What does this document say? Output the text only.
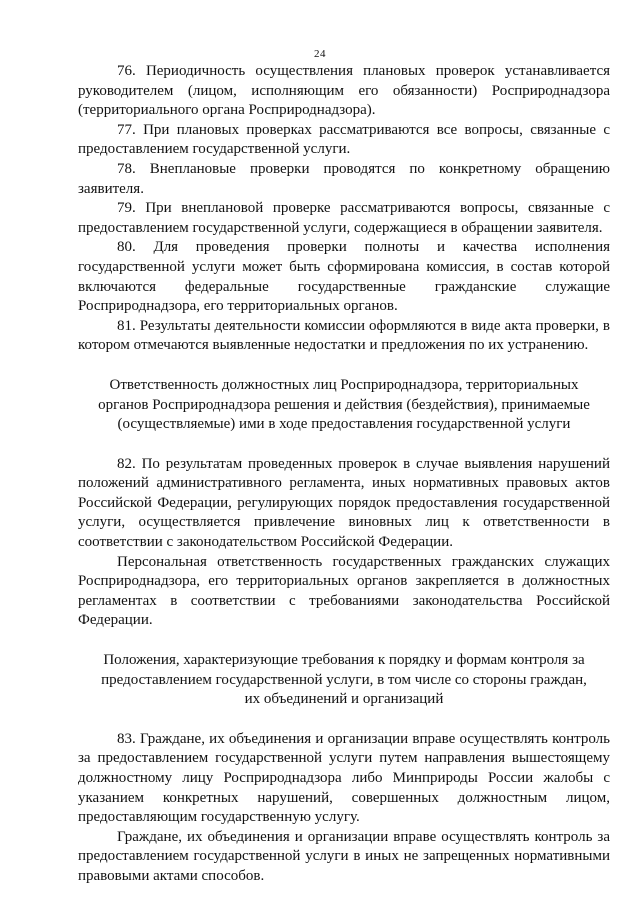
24

76. Периодичность осуществления плановых проверок устанавливается руководителем (лицом, исполняющим его обязанности) Росприроднадзора (территориального органа Росприроднадзора).

77. При плановых проверках рассматриваются все вопросы, связанные с предоставлением государственной услуги.

78. Внеплановые проверки проводятся по конкретному обращению заявителя.

79. При внеплановой проверке рассматриваются вопросы, связанные с предоставлением государственной услуги, содержащиеся в обращении заявителя.

80. Для проведения проверки полноты и качества исполнения государственной услуги может быть сформирована комиссия, в состав которой включаются федеральные государственные гражданские служащие Росприроднадзора, его территориальных органов.

81. Результаты деятельности комиссии оформляются в виде акта проверки, в котором отмечаются выявленные недостатки и предложения по их устранению.

Ответственность должностных лиц Росприроднадзора, территориальных органов Росприроднадзора решения и действия (бездействия), принимаемые (осуществляемые) ими в ходе предоставления государственной услуги

82. По результатам проведенных проверок в случае выявления нарушений положений административного регламента, иных нормативных правовых актов Российской Федерации, регулирующих порядок предоставления государственной услуги, осуществляется привлечение виновных лиц к ответственности в соответствии с законодательством Российской Федерации.

Персональная ответственность государственных гражданских служащих Росприроднадзора, его территориальных органов закрепляется в должностных регламентах в соответствии с требованиями законодательства Российской Федерации.

Положения, характеризующие требования к порядку и формам контроля за предоставлением государственной услуги, в том числе со стороны граждан, их объединений и организаций

83. Граждане, их объединения и организации вправе осуществлять контроль за предоставлением государственной услуги путем направления вышестоящему должностному лицу Росприроднадзора либо Минприроды России жалобы с указанием конкретных нарушений, совершенных должностным лицом, предоставляющим государственную услугу.

Граждане, их объединения и организации вправе осуществлять контроль за предоставлением государственной услуги в иных не запрещенных нормативными правовыми актами способов.
